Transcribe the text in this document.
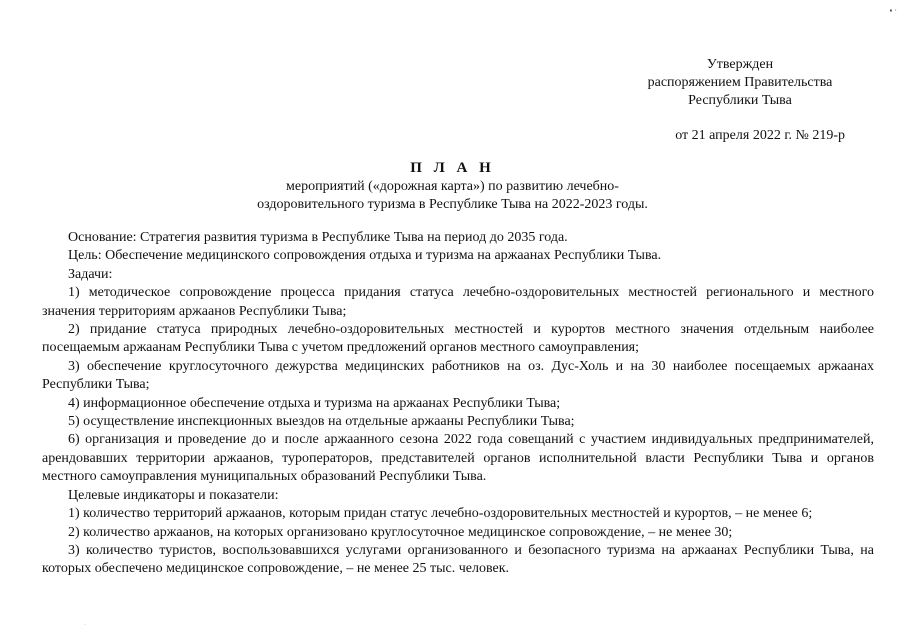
▪ ·
Утвержден
распоряжением Правительства
Республики Тыва
от 21 апреля 2022 г. № 219-р
П Л А Н
мероприятий («дорожная карта») по развитию лечебно-
оздоровительного туризма в Республике Тыва на 2022-2023 годы.

Основание: Стратегия развития туризма в Республике Тыва на период до 2035 года.

Цель: Обеспечение медицинского сопровождения отдыха и туризма на аржаанах Республики Тыва.

Задачи:

1) методическое сопровождение процесса придания статуса лечебно-оздоровительных местностей регионального и местного значения территориям аржаанов Республики Тыва;

2) придание статуса природных лечебно-оздоровительных местностей и курортов местного значения отдельным наиболее посещаемым аржаанам Республики Тыва с учетом предложений органов местного самоуправления;

3) обеспечение круглосуточного дежурства медицинских работников на оз. Дус-Холь и на 30 наиболее посещаемых аржаанах Республики Тыва;

4) информационное обеспечение отдыха и туризма на аржаанах Республики Тыва;

5) осуществление инспекционных выездов на отдельные аржааны Республики Тыва;

6) организация и проведение до и после аржаанного сезона 2022 года совещаний с участием индивидуальных предпринимателей, арендовавших территории аржаанов, туроператоров, представителей органов исполнительной власти Республики Тыва и органов местного самоуправления муниципальных образований Республики Тыва.

Целевые индикаторы и показатели:

1) количество территорий аржаанов, которым придан статус лечебно-оздоровительных местностей и курортов, – не менее 6;

2) количество аржаанов, на которых организовано круглосуточное медицинское сопровождение, – не менее 30;

3) количество туристов, воспользовавшихся услугами организованного и безопасного туризма на аржаанах Республики Тыва, на которых обеспечено медицинское сопровождение, – не менее 25 тыс. человек.

·
